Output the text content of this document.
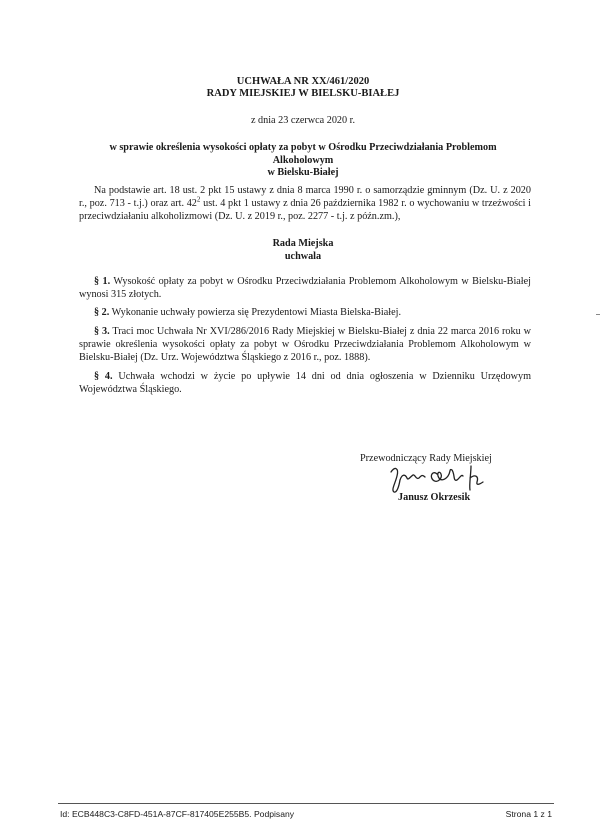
UCHWAŁA NR XX/461/2020
RADY MIEJSKIEJ W BIELSKU-BIAŁEJ
z dnia 23 czerwca 2020 r.
w sprawie określenia wysokości opłaty za pobyt w Ośrodku Przeciwdziałania Problemom Alkoholowym
w Bielsku-Białej
Na podstawie art. 18 ust. 2 pkt 15 ustawy z dnia 8 marca 1990 r. o samorządzie gminnym (Dz. U. z 2020 r., poz. 713 - t.j.) oraz art. $42^2$ ust. 4 pkt 1 ustawy z dnia 26 października 1982 r. o wychowaniu w trzeźwości i przeciwdziałaniu alkoholizmowi (Dz. U. z 2019 r., poz. 2277 - t.j. z późn.zm.),
Rada Miejska
uchwala
§ 1. Wysokość opłaty za pobyt w Ośrodku Przeciwdziałania Problemom Alkoholowym w Bielsku-Białej wynosi 315 złotych.
§ 2. Wykonanie uchwały powierza się Prezydentowi Miasta Bielska-Białej.
§ 3. Traci moc Uchwała Nr XVI/286/2016 Rady Miejskiej w Bielsku-Białej z dnia 22 marca 2016 roku w sprawie określenia wysokości opłaty za pobyt w Ośrodku Przeciwdziałania Problemom Alkoholowym w Bielsku-Białej (Dz. Urz. Województwa Śląskiego z 2016 r., poz. 1888).
§ 4. Uchwała wchodzi w życie po upływie 14 dni od dnia ogłoszenia w Dzienniku Urzędowym Województwa Śląskiego.
Przewodniczący Rady Miejskiej
Janusz Okrzesik
Id: ECB448C3-C8FD-451A-87CF-817405E255B5. Podpisany	Strona 1 z 1
